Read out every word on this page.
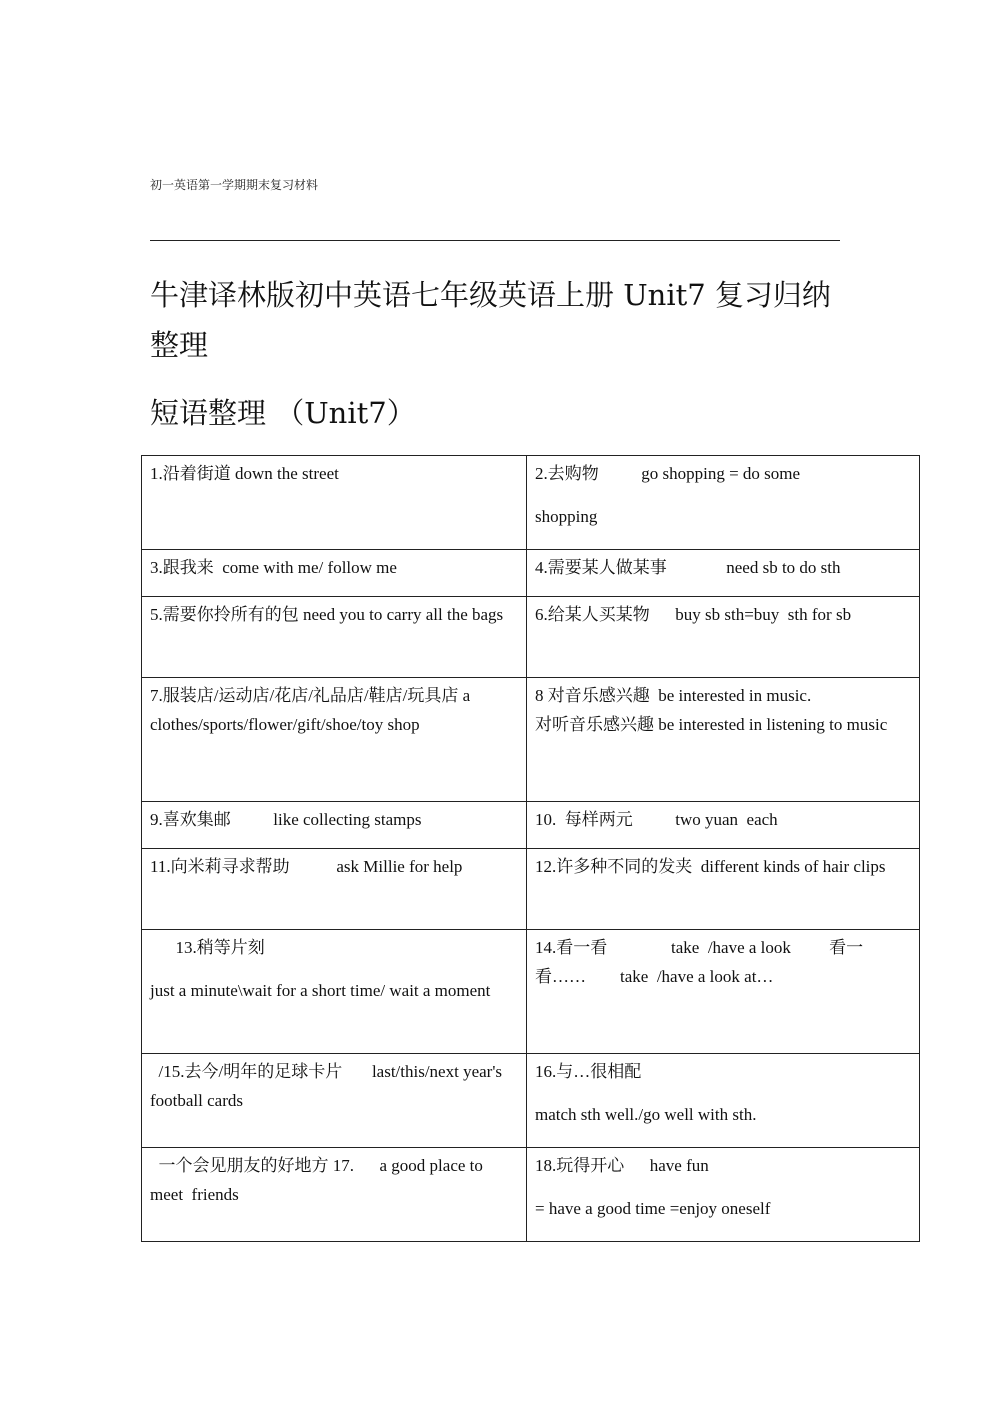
初一英语第一学期期末复习材料
牛津译林版初中英语七年级英语上册 Unit7 复习归纳整理
短语整理 （Unit7）
1.沿着街道 down the street	2.去购物          go shopping = do some
shopping

3.跟我来  come with me/ follow me	4.需要某人做某事              need sb to do sth
5.需要你拎所有的包 need you to carry all the bags	6.给某人买某物      buy sb sth=buy  sth for sb
7.服装店/运动店/花店/礼品店/鞋店/玩具店 a clothes/sports/flower/gift/shoe/toy shop	8 对音乐感兴趣  be interested in music.
对听音乐感兴趣 be interested in listening to music

9.喜欢集邮          like collecting stamps	10.  每样两元          two yuan  each
11.向米莉寻求帮助           ask Millie for help	12.许多种不同的发夹  different kinds of hair clips
13.稍等片刻
just a minute\wait for a short time/ wait a moment	14.看一看               take  /have a look         看一看……        take  /have a look at…
/15.去今/明年的足球卡片       last/this/next year's football cards	16.与…很相配
match sth well./go well with sth.

一个会见朋友的好地方 17.      a good place to meet  friends	18.玩得开心      have fun
= have a good time =enjoy oneself
